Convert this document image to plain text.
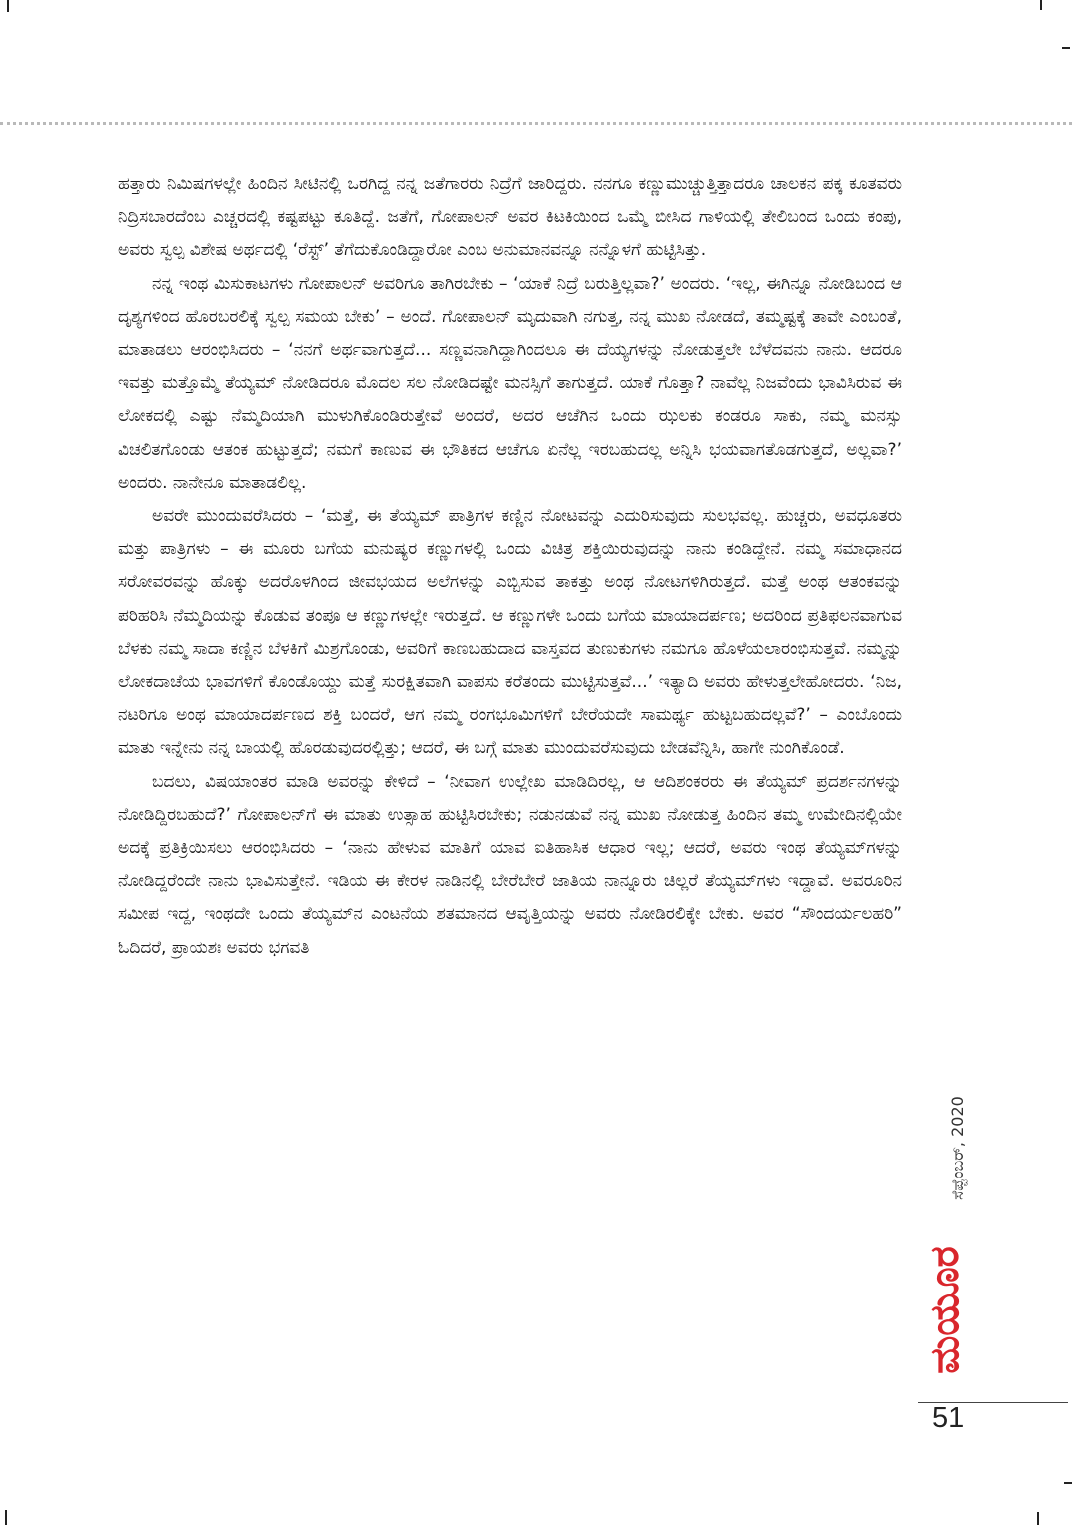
ಹತ್ತಾರು ನಿಮಿಷಗಳಲ್ಲೇ ಹಿಂದಿನ ಸೀಟಿನಲ್ಲಿ ಒರಗಿದ್ದ ನನ್ನ ಜತೆಗಾರರು ನಿದ್ರೆಗೆ ಜಾರಿದ್ದರು. ನನಗೂ ಕಣ್ಣುಮುಚ್ಚುತ್ತಿತ್ತಾದರೂ ಚಾಲಕನ ಪಕ್ಕ ಕೂತವರು ನಿದ್ರಿಸಬಾರದೆಂಬ ಎಚ್ಚರದಲ್ಲಿ ಕಷ್ಟಪಟ್ಟು ಕೂತಿದ್ದೆ. ಜತೆಗೆ, ಗೋಪಾಲನ್ ಅವರ ಕಿಟಕಿಯಿಂದ ಒಮ್ಮೆ ಬೀಸಿದ ಗಾಳಿಯಲ್ಲಿ ತೇಲಿಬಂದ ಒಂದು ಕಂಪು, ಅವರು ಸ್ವಲ್ಪ ವಿಶೇಷ ಅರ್ಥದಲ್ಲಿ ‘ರೆಸ್ಟ್’ ತೆಗೆದುಕೊಂಡಿದ್ದಾರೋ ಎಂಬ ಅನುಮಾನವನ್ನೂ ನನ್ನೊಳಗೆ ಹುಟ್ಟಿಸಿತ್ತು.

ನನ್ನ ಇಂಥ ಮಿಸುಕಾಟಗಳು ಗೋಪಾಲನ್ ಅವರಿಗೂ ತಾಗಿರಬೇಕು – ‘ಯಾಕೆ ನಿದ್ರೆ ಬರುತ್ತಿಲ್ಲವಾ?’ ಅಂದರು. ‘ಇಲ್ಲ, ಈಗಿನ್ನೂ ನೋಡಿಬಂದ ಆ ದೃಶ್ಯಗಳಿಂದ ಹೊರಬರಲಿಕ್ಕೆ ಸ್ವಲ್ಪ ಸಮಯ ಬೇಕು’ – ಅಂದೆ. ಗೋಪಾಲನ್ ಮೃದುವಾಗಿ ನಗುತ್ತ, ನನ್ನ ಮುಖ ನೋಡದೆ, ತಮ್ಮಷ್ಟಕ್ಕೆ ತಾವೇ ಎಂಬಂತೆ, ಮಾತಾಡಲು ಆರಂಭಿಸಿದರು – ‘ನನಗೆ ಅರ್ಥವಾಗುತ್ತದೆ... ಸಣ್ಣವನಾಗಿದ್ದಾಗಿಂದಲೂ ಈ ದೆಯ್ಯಗಳನ್ನು ನೋಡುತ್ತಲೇ ಬೆಳೆದವನು ನಾನು. ಆದರೂ ಇವತ್ತು ಮತ್ತೊಮ್ಮೆ ತೆಯ್ಯಮ್ ನೋಡಿದರೂ ಮೊದಲ ಸಲ ನೋಡಿದಷ್ಟೇ ಮನಸ್ಸಿಗೆ ತಾಗುತ್ತದೆ. ಯಾಕೆ ಗೊತ್ತಾ? ನಾವೆಲ್ಲ ನಿಜವೆಂದು ಭಾವಿಸಿರುವ ಈ ಲೋಕದಲ್ಲಿ ಎಷ್ಟು ನೆಮ್ಮದಿಯಾಗಿ ಮುಳುಗಿಕೊಂಡಿರುತ್ತೇವೆ ಅಂದರೆ, ಅದರ ಆಚೆಗಿನ ಒಂದು ಝಲಕು ಕಂಡರೂ ಸಾಕು, ನಮ್ಮ ಮನಸ್ಸು ವಿಚಲಿತಗೊಂಡು ಆತಂಕ ಹುಟ್ಟುತ್ತದೆ; ನಮಗೆ ಕಾಣುವ ಈ ಭೌತಿಕದ ಆಚೆಗೂ ಏನೆಲ್ಲ ಇರಬಹುದಲ್ಲ ಅನ್ನಿಸಿ ಭಯವಾಗತೊಡಗುತ್ತದೆ, ಅಲ್ಲವಾ?’ ಅಂದರು. ನಾನೇನೂ ಮಾತಾಡಲಿಲ್ಲ.

ಅವರೇ ಮುಂದುವರೆಸಿದರು – ‘ಮತ್ತೆ, ಈ ತೆಯ್ಯಮ್ ಪಾತ್ರಿಗಳ ಕಣ್ಣಿನ ನೋಟವನ್ನು ಎದುರಿಸುವುದು ಸುಲಭವಲ್ಲ. ಹುಚ್ಚರು, ಅವಧೂತರು ಮತ್ತು ಪಾತ್ರಿಗಳು – ಈ ಮೂರು ಬಗೆಯ ಮನುಷ್ಯರ ಕಣ್ಣುಗಳಲ್ಲಿ ಒಂದು ವಿಚಿತ್ರ ಶಕ್ತಿಯಿರುವುದನ್ನು ನಾನು ಕಂಡಿದ್ದೇನೆ. ನಮ್ಮ ಸಮಾಧಾನದ ಸರೋವರವನ್ನು ಹೊಕ್ಕು ಅದರೊಳಗಿಂದ ಜೀವಭಯದ ಅಲೆಗಳನ್ನು ಎಬ್ಬಿಸುವ ತಾಕತ್ತು ಅಂಥ ನೋಟಗಳಿಗಿರುತ್ತದೆ. ಮತ್ತೆ ಅಂಥ ಆತಂಕವನ್ನು ಪರಿಹರಿಸಿ ನೆಮ್ಮದಿಯನ್ನು ಕೊಡುವ ತಂಪೂ ಆ ಕಣ್ಣುಗಳಲ್ಲೇ ಇರುತ್ತದೆ. ಆ ಕಣ್ಣುಗಳೇ ಒಂದು ಬಗೆಯ ಮಾಯಾದರ್ಪಣ; ಅದರಿಂದ ಪ್ರತಿಫಲನವಾಗುವ ಬೆಳಕು ನಮ್ಮ ಸಾದಾ ಕಣ್ಣಿನ ಬೆಳಕಿಗೆ ಮಿಶ್ರಗೊಂಡು, ಅವರಿಗೆ ಕಾಣಬಹುದಾದ ವಾಸ್ತವದ ತುಣುಕುಗಳು ನಮಗೂ ಹೊಳೆಯಲಾರಂಭಿಸುತ್ತವೆ. ನಮ್ಮನ್ನು ಲೋಕದಾಚೆಯ ಭಾವಗಳಿಗೆ ಕೊಂಡೊಯ್ದು ಮತ್ತೆ ಸುರಕ್ಷಿತವಾಗಿ ವಾಪಸು ಕರೆತಂದು ಮುಟ್ಟಿಸುತ್ತವೆ...’ ಇತ್ಯಾದಿ ಅವರು ಹೇಳುತ್ತಲೇಹೋದರು. ‘ನಿಜ, ನಟರಿಗೂ ಅಂಥ ಮಾಯಾದರ್ಪಣದ ಶಕ್ತಿ ಬಂದರೆ, ಆಗ ನಮ್ಮ ರಂಗಭೂಮಿಗಳಿಗೆ ಬೇರೆಯದೇ ಸಾಮರ್ಥ್ಯ ಹುಟ್ಟಬಹುದಲ್ಲವೆ?’ – ಎಂಬೊಂದು ಮಾತು ಇನ್ನೇನು ನನ್ನ ಬಾಯಲ್ಲಿ ಹೊರಡುವುದರಲ್ಲಿತ್ತು; ಆದರೆ, ಈ ಬಗ್ಗೆ ಮಾತು ಮುಂದುವರೆಸುವುದು ಬೇಡವೆನ್ನಿಸಿ, ಹಾಗೇ ನುಂಗಿಕೊಂಡೆ.

ಬದಲು, ವಿಷಯಾಂತರ ಮಾಡಿ ಅವರನ್ನು ಕೇಳಿದೆ – ‘ನೀವಾಗ ಉಲ್ಲೇಖ ಮಾಡಿದಿರಲ್ಲ, ಆ ಆದಿಶಂಕರರು ಈ ತೆಯ್ಯಮ್ ಪ್ರದರ್ಶನಗಳನ್ನು ನೋಡಿದ್ದಿರಬಹುದೆ?’ ಗೋಪಾಲನ್‌ಗೆ ಈ ಮಾತು ಉತ್ಸಾಹ ಹುಟ್ಟಿಸಿರಬೇಕು; ನಡುನಡುವೆ ನನ್ನ ಮುಖ ನೋಡುತ್ತ ಹಿಂದಿನ ತಮ್ಮ ಉಮೇದಿನಲ್ಲಿಯೇ ಅದಕ್ಕೆ ಪ್ರತಿಕ್ರಿಯಿಸಲು ಆರಂಭಿಸಿದರು – ‘ನಾನು ಹೇಳುವ ಮಾತಿಗೆ ಯಾವ ಐತಿಹಾಸಿಕ ಆಧಾರ ಇಲ್ಲ; ಆದರೆ, ಅವರು ಇಂಥ ತೆಯ್ಯಮ್‌ಗಳನ್ನು ನೋಡಿದ್ದರೆಂದೇ ನಾನು ಭಾವಿಸುತ್ತೇನೆ. ಇಡಿಯ ಈ ಕೇರಳ ನಾಡಿನಲ್ಲಿ ಬೇರೆಬೇರೆ ಜಾತಿಯ ನಾನ್ನೂರು ಚಿಲ್ಲರೆ ತೆಯ್ಯಮ್‌ಗಳು ಇದ್ದಾವೆ. ಅವರೂರಿನ ಸಮೀಪ ಇದ್ದ, ಇಂಥದೇ ಒಂದು ತೆಯ್ಯಮ್‌ನ ಎಂಟನೆಯ ಶತಮಾನದ ಆವೃತ್ತಿಯನ್ನು ಅವರು ನೋಡಿರಲಿಕ್ಕೇ ಬೇಕು. ಅವರ “ಸೌಂದರ್ಯಲಹರಿ” ಓದಿದರೆ, ಪ್ರಾಯಶಃ ಅವರು ಭಗವತಿ

ಸೆಪ್ಟೆಂಬರ್, 2020
ಮಯೂರ
51
